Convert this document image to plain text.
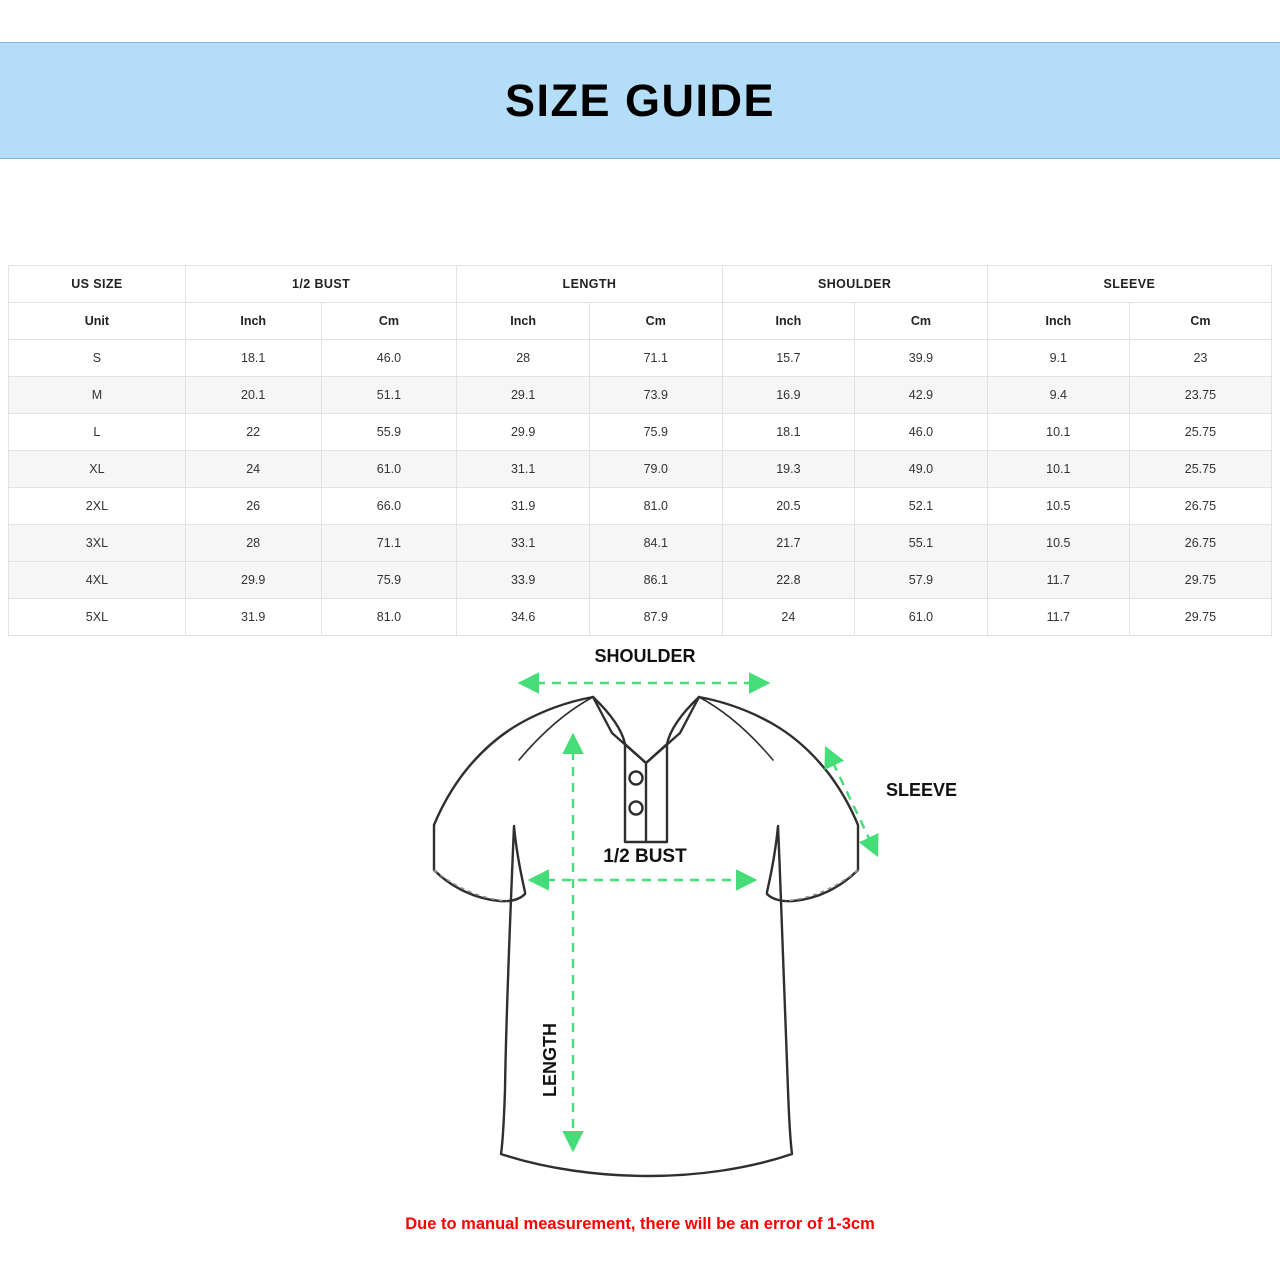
SIZE GUIDE
US SIZE	1/2 BUST		LENGTH		SHOULDER		SLEEVE	
Unit	Inch	Cm	Inch	Cm	Inch	Cm	Inch	Cm
S	18.1	46.0	28	71.1	15.7	39.9	9.1	23
M	20.1	51.1	29.1	73.9	16.9	42.9	9.4	23.75
L	22	55.9	29.9	75.9	18.1	46.0	10.1	25.75
XL	24	61.0	31.1	79.0	19.3	49.0	10.1	25.75
2XL	26	66.0	31.9	81.0	20.5	52.1	10.5	26.75
3XL	28	71.1	33.1	84.1	21.7	55.1	10.5	26.75
4XL	29.9	75.9	33.9	86.1	22.8	57.9	11.7	29.75
5XL	31.9	81.0	34.6	87.9	24	61.0	11.7	29.75
SHOULDER
SLEEVE
1/2 BUST
LENGTH
Due to manual measurement, there will be an error of 1-3cm
